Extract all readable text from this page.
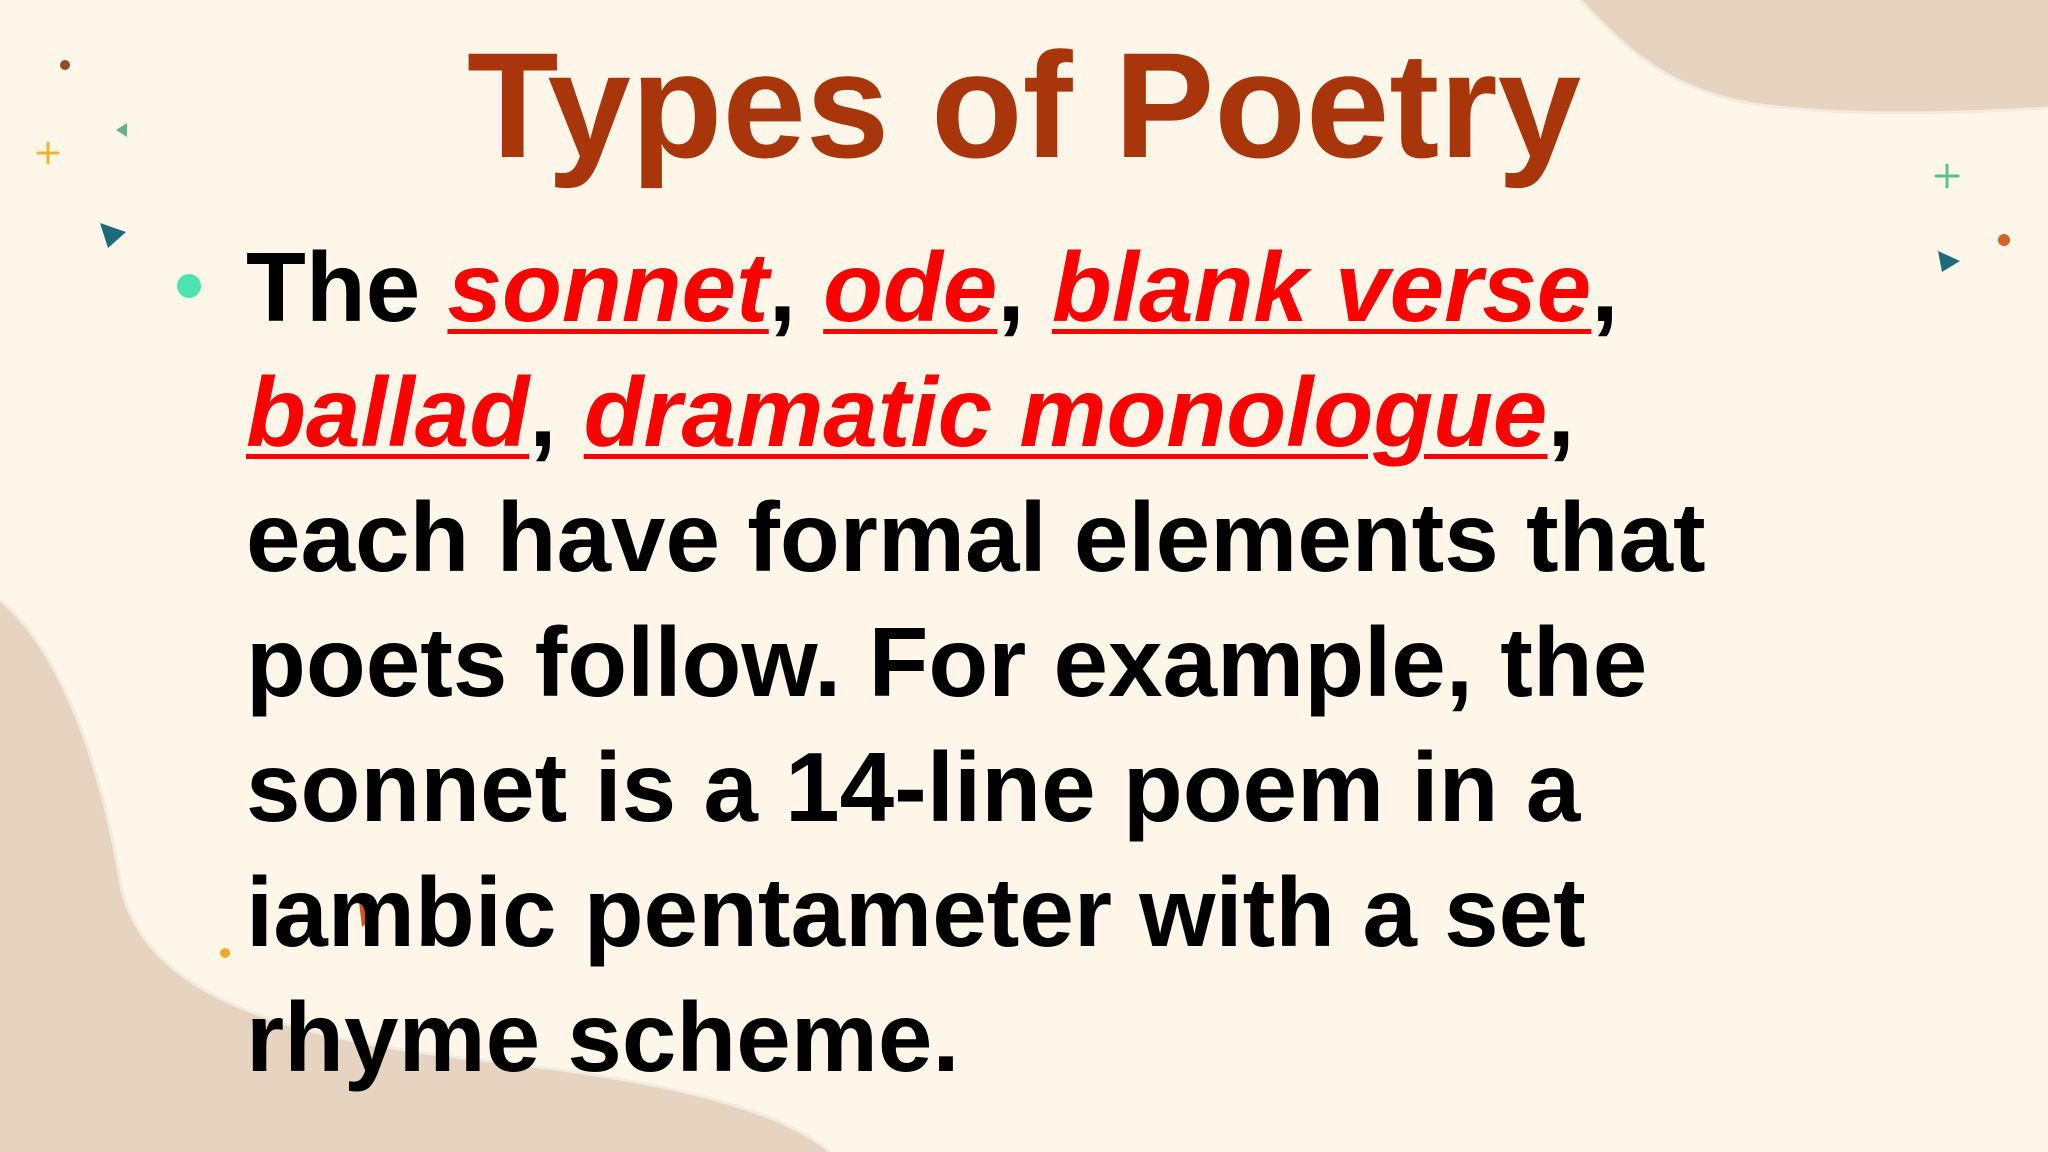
Types of Poetry

The sonnet, ode, blank verse,
ballad, dramatic monologue,
each have formal elements that
poets follow. For example, the
sonnet is a 14-line poem in a
iambic pentameter with a set
rhyme scheme.
